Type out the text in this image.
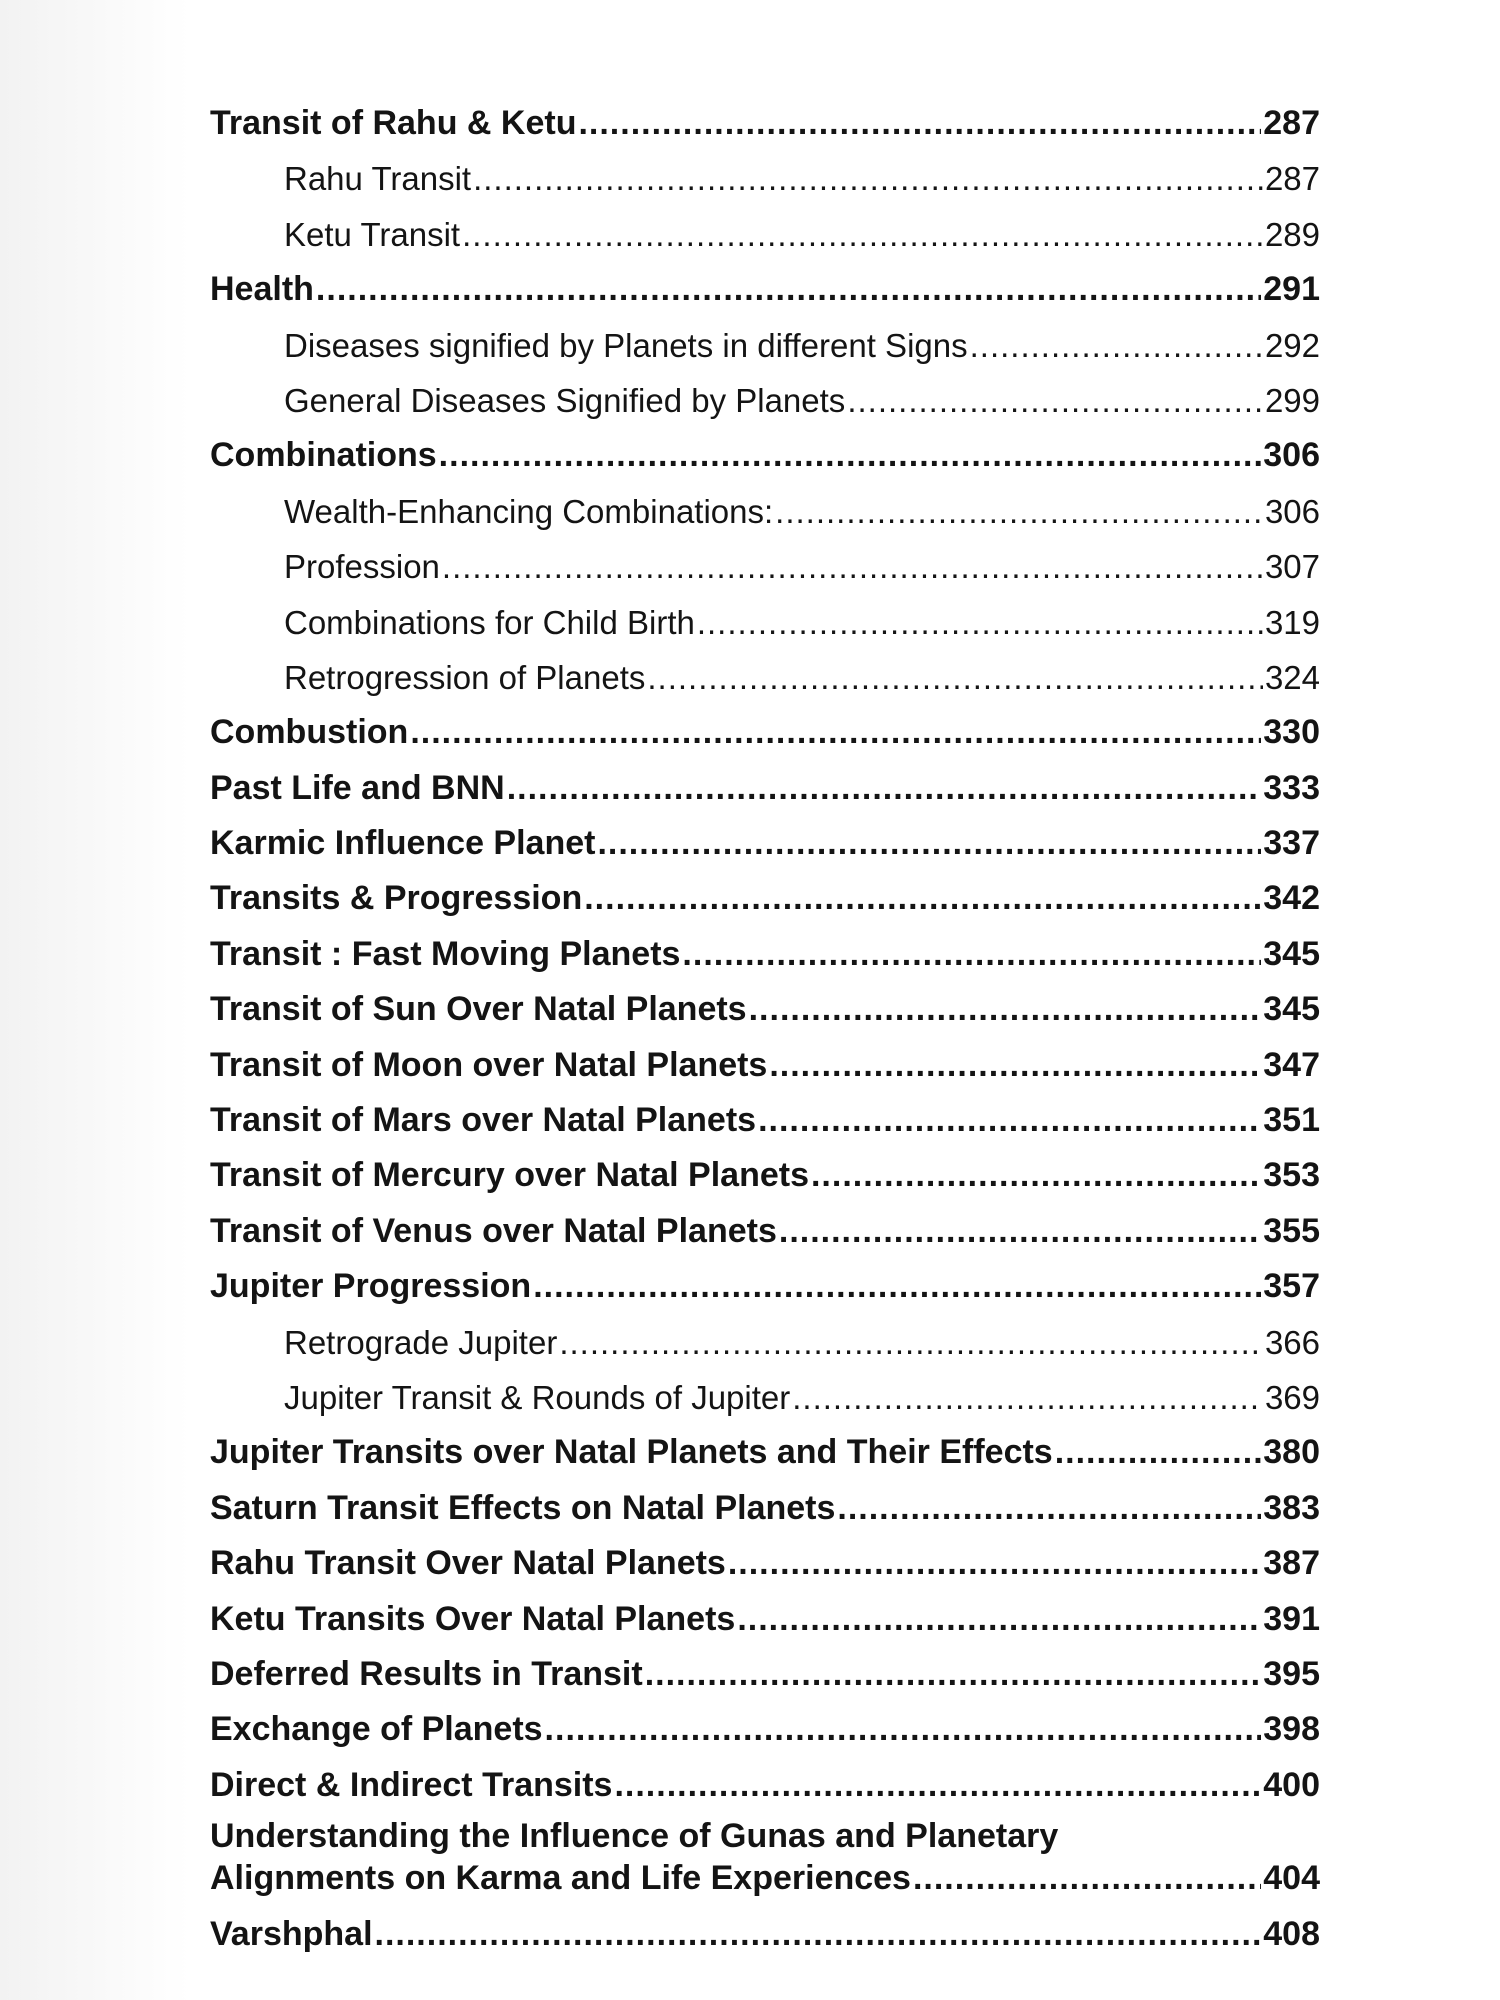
Transit of Rahu & Ketu .....	287
Rahu Transit .....	287
Ketu Transit .....	289
Health .....	291
Diseases signified by Planets in different Signs .....	292
General Diseases Signified by Planets .....	299
Combinations .....	306
Wealth-Enhancing Combinations: .....	306
Profession .....	307
Combinations for Child Birth .....	319
Retrogression of Planets .....	324
Combustion .....	330
Past Life and BNN .....	333
Karmic Influence Planet .....	337
Transits & Progression .....	342
Transit : Fast Moving Planets .....	345
Transit of Sun Over Natal Planets .....	345
Transit of Moon over Natal Planets .....	347
Transit of Mars over Natal Planets .....	351
Transit of Mercury over Natal Planets .....	353
Transit of Venus over Natal Planets .....	355
Jupiter Progression .....	357
Retrograde Jupiter .....	366
Jupiter Transit & Rounds of Jupiter .....	369
Jupiter Transits over Natal Planets and Their Effects .....	380
Saturn Transit Effects on Natal Planets .....	383
Rahu Transit Over Natal Planets .....	387
Ketu Transits Over Natal Planets .....	391
Deferred Results in Transit .....	395
Exchange of Planets .....	398
Direct & Indirect Transits .....	400
Understanding the Influence of Gunas and Planetary
Alignments on Karma and Life Experiences .....	404
Varshphal .....	408
